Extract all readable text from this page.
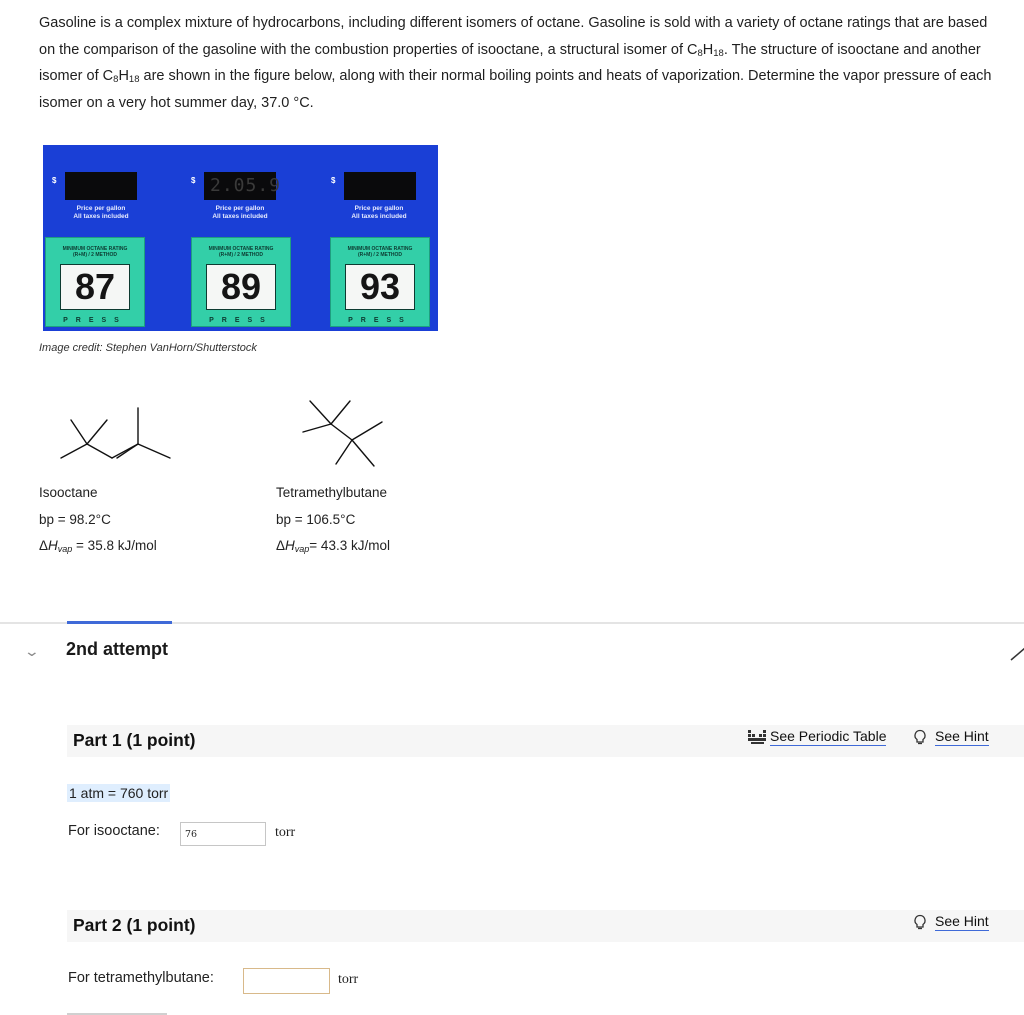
Gasoline is a complex mixture of hydrocarbons, including different isomers of octane. Gasoline is sold with a variety of octane ratings that are based
on the comparison of the gasoline with the combustion properties of isooctane, a structural isomer of $C_8H_{18}$. The structure of isooctane and another
isomer of $C_8H_{18}$ are shown in the figure below, along with their normal boiling points and heats of vaporization. Determine the vapor pressure of each
isomer on a very hot summer day, 37.0 °C.
$	$ 2.05.9	$
Price per gallon
All taxes included
Price per gallon
All taxes included
Price per gallon
All taxes included
MINIMUM OCTANE RATING
(R+M) / 2 METHOD
87
PRESS
MINIMUM OCTANE RATING
(R+M) / 2 METHOD
89
PRESS
MINIMUM OCTANE RATING
(R+M) / 2 METHOD
93
PRESS
Image credit: Stephen VanHorn/Shutterstock
Isooctane
bp = 98.2°C
ΔHvap = 35.8 kJ/mol
Tetramethylbutane
bp = 106.5°C
ΔHvap= 43.3 kJ/mol
⌄ 2nd attempt
Part 1 (1 point)	See Periodic Table	See Hint
1 atm = 760 torr
For isooctane:
76	torr
Part 2 (1 point)	See Hint
For tetramethylbutane:	torr
